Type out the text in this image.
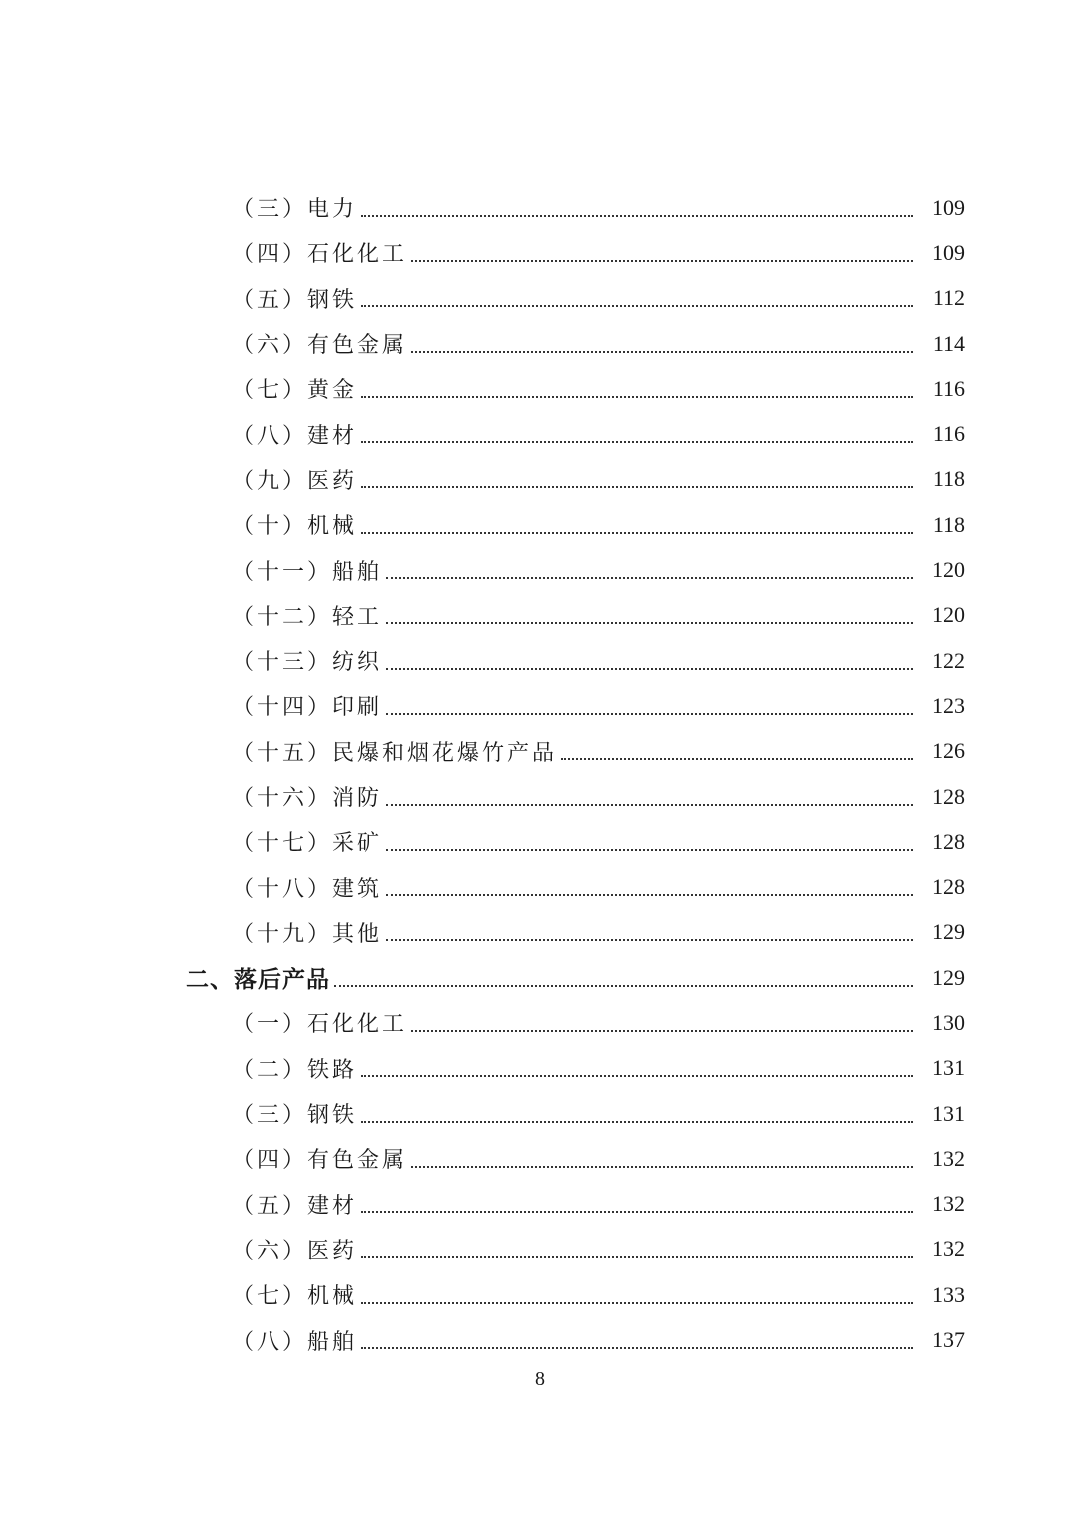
（三）电力	109
（四）石化化工	109
（五）钢铁	112
（六）有色金属	114
（七）黄金	116
（八）建材	116
（九）医药	118
（十）机械	118
（十一）船舶	120
（十二）轻工	120
（十三）纺织	122
（十四）印刷	123
（十五）民爆和烟花爆竹产品	126
（十六）消防	128
（十七）采矿	128
（十八）建筑	128
（十九）其他	129
二、落后产品	129
（一）石化化工	130
（二）铁路	131
（三）钢铁	131
（四）有色金属	132
（五）建材	132
（六）医药	132
（七）机械	133
（八）船舶	137
8
